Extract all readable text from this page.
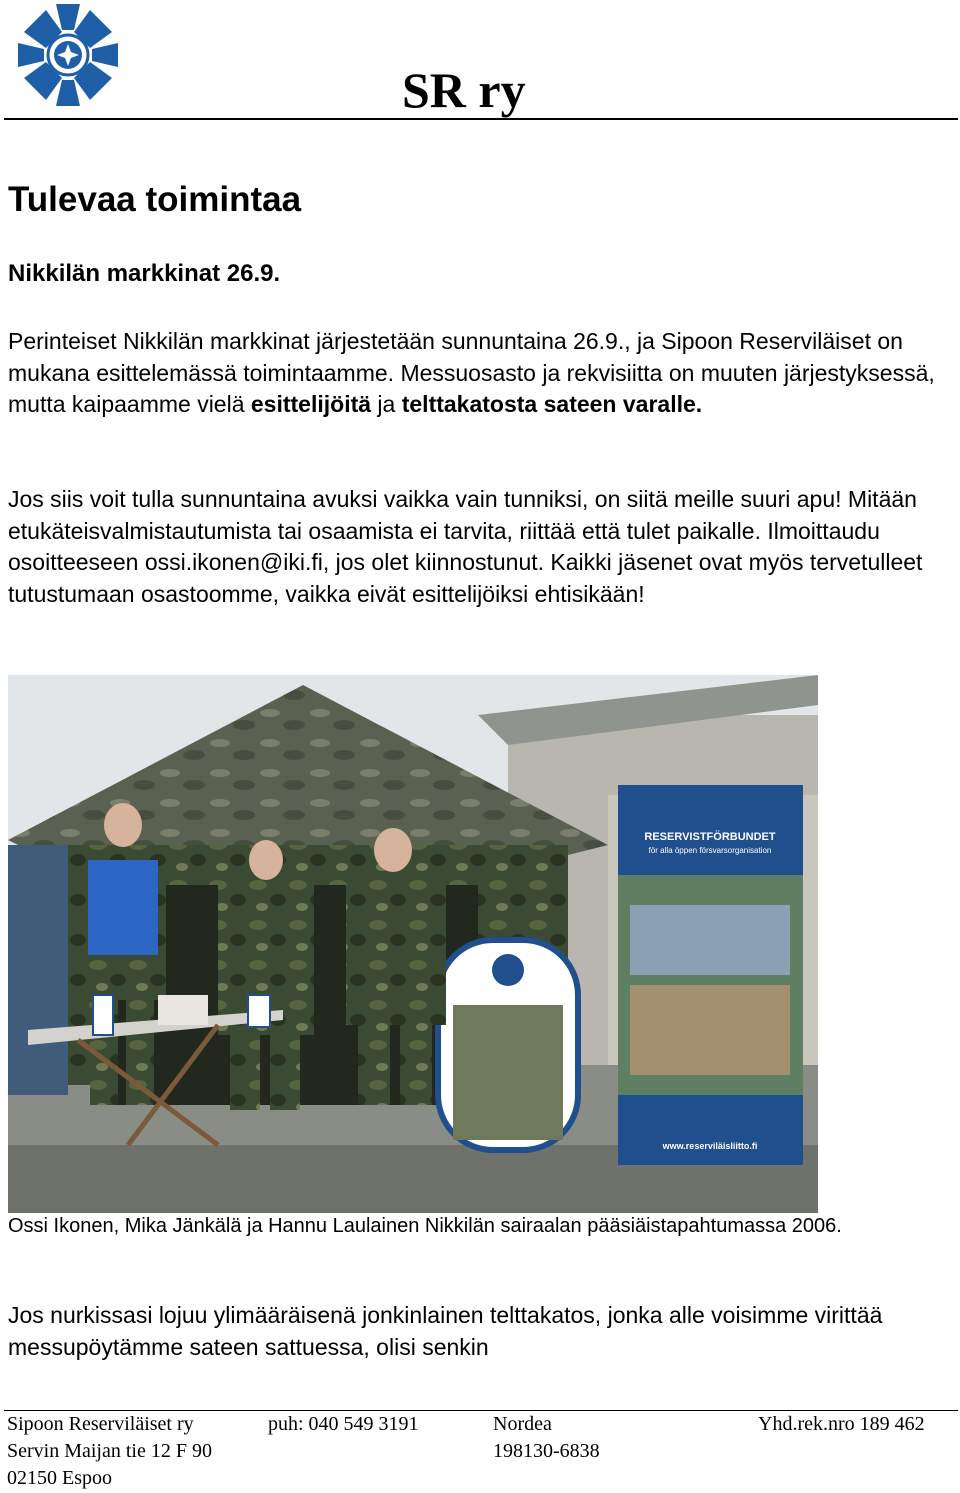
SR ry
Tulevaa toimintaa
Nikkilän markkinat 26.9.

Perinteiset Nikkilän markkinat järjestetään sunnuntaina 26.9., ja Sipoon Reserviläiset on mukana esittelemässä toimintaamme. Messuosasto ja rekvisiitta on muuten järjestyksessä, mutta kaipaamme vielä esittelijöitä ja telttakatosta sateen varalle.

Jos siis voit tulla sunnuntaina avuksi vaikka vain tunniksi, on siitä meille suuri apu! Mitään etukäteisvalmistautumista tai osaamista ei tarvita, riittää että tulet paikalle. Ilmoittaudu osoitteeseen ossi.ikonen@iki.fi, jos olet kiinnostunut. Kaikki jäsenet ovat myös tervetulleet tutustumaan osastoomme, vaikka eivät esittelijöiksi ehtisikään!

RESERVISTFÖRBUNDET
för alla öppen försvarsorganisation
www.reserviläisliitto.fi

Ossi Ikonen, Mika Jänkälä ja Hannu Laulainen Nikkilän sairaalan pääsiäistapahtumassa 2006.

Jos nurkissasi lojuu ylimääräisenä jonkinlainen telttakatos, jonka alle voisimme virittää messupöytämme sateen sattuessa, olisi senkin

Sipoon Reserviläiset ry	puh: 040 549 3191	Nordea	Yhd.rek.nro 189 462
Servin Maijan tie 12 F 90	198130-6838
02150 Espoo
